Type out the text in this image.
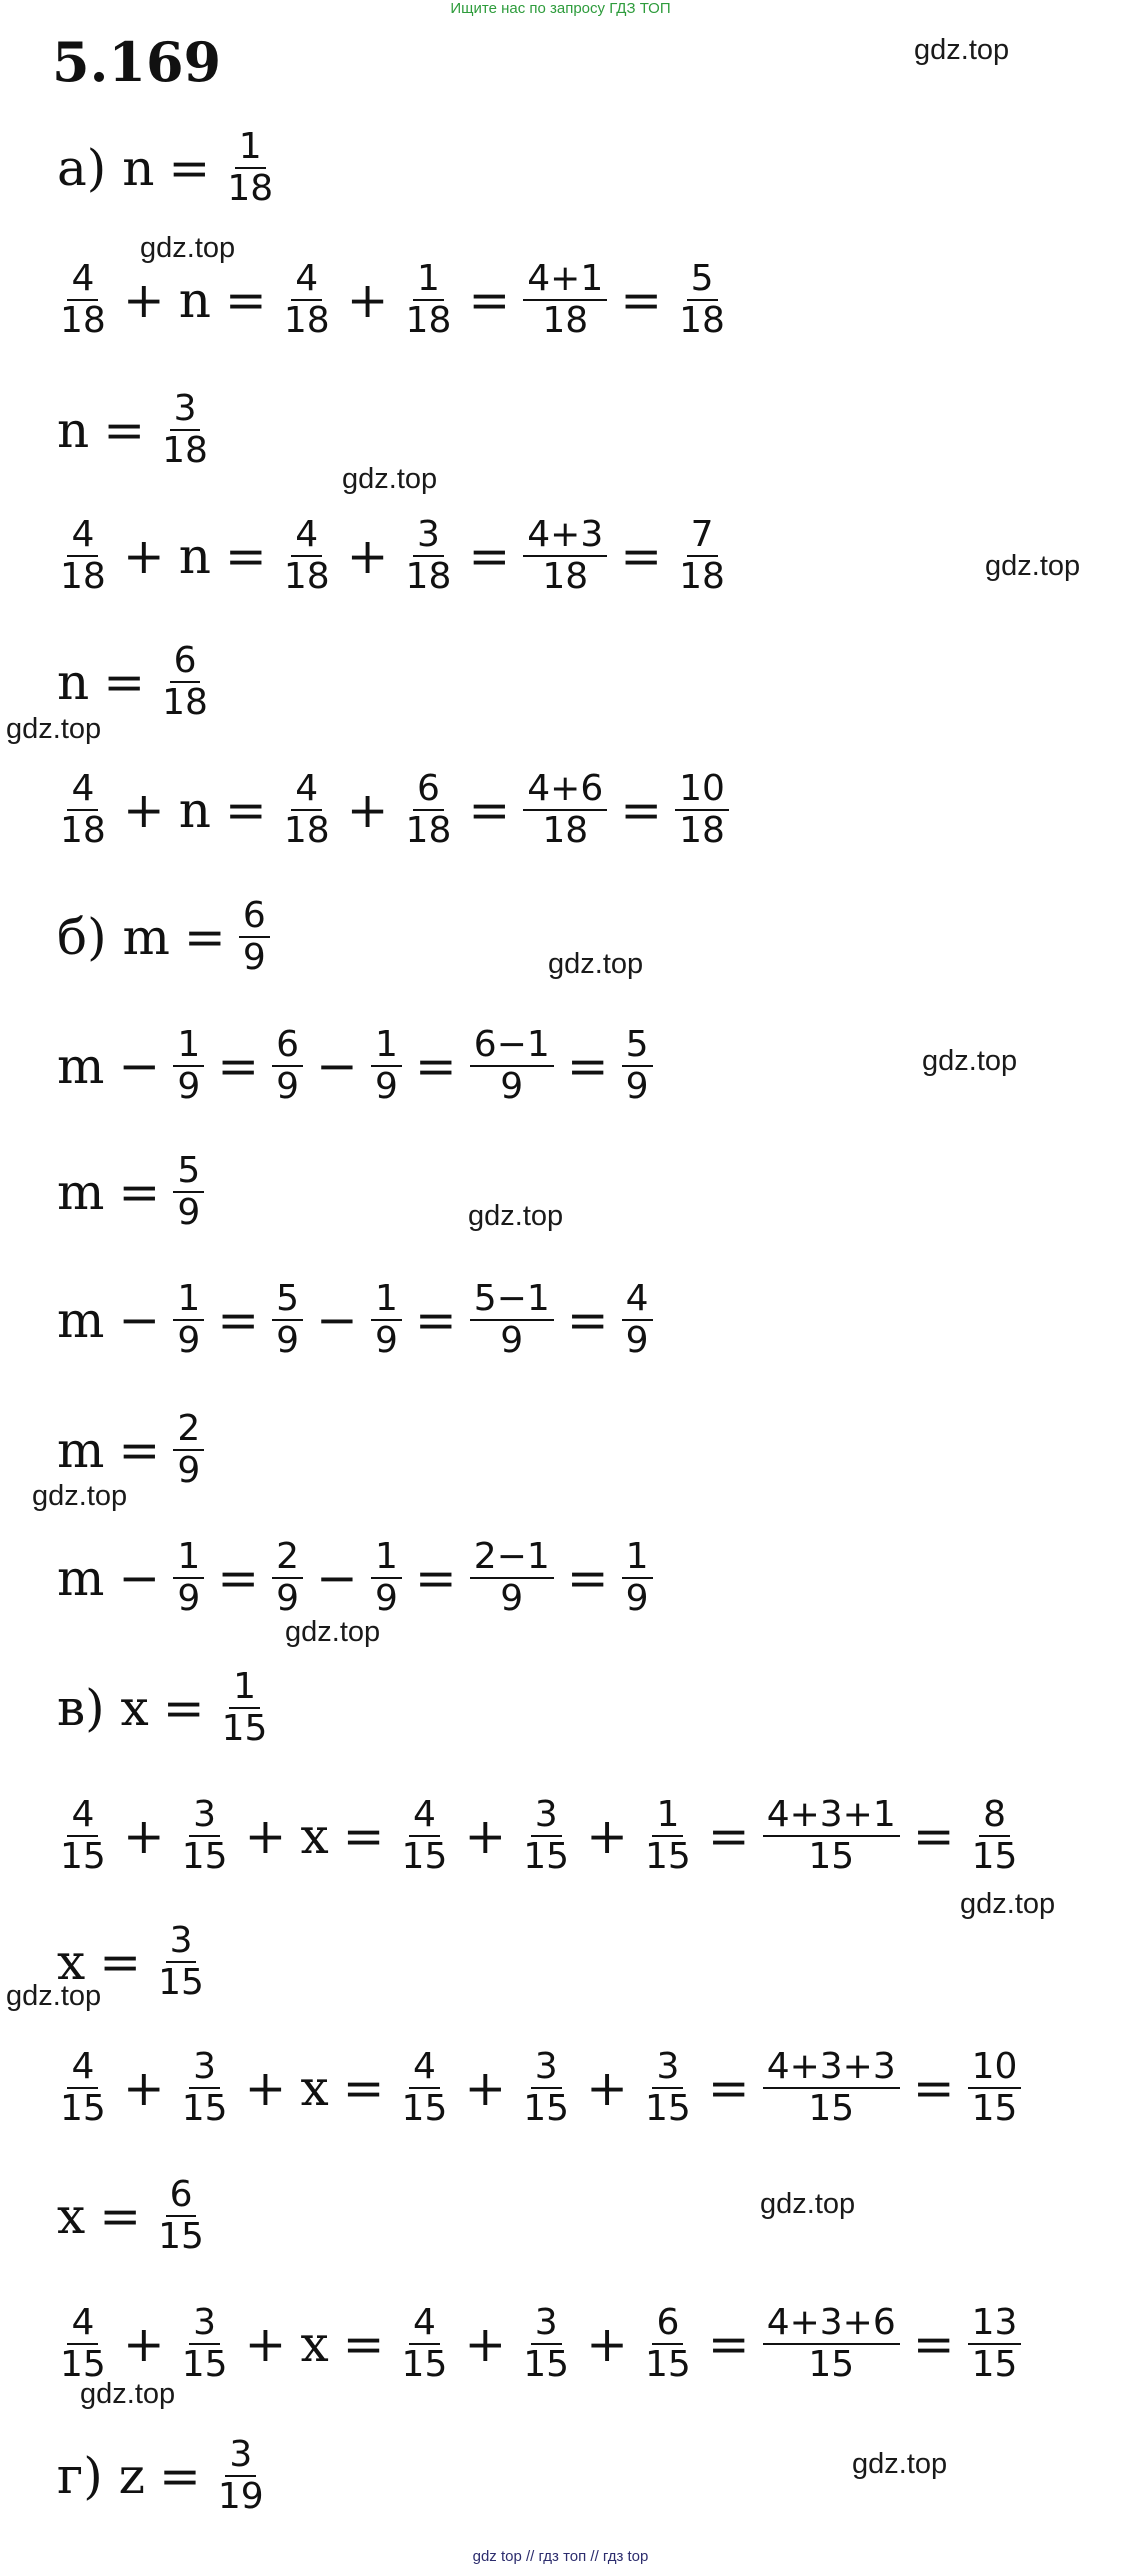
Ищите нас по запросу ГДЗ ТОП
5.169
a) $n = \frac{1}{18}$
$\frac{4}{18} + n = \frac{4}{18} + \frac{1}{18} = \frac{4+1}{18} = \frac{5}{18}$
$n = \frac{3}{18}$
$\frac{4}{18} + n = \frac{4}{18} + \frac{3}{18} = \frac{4+3}{18} = \frac{7}{18}$
$n = \frac{6}{18}$
$\frac{4}{18} + n = \frac{4}{18} + \frac{6}{18} = \frac{4+6}{18} = \frac{10}{18}$
б) $m = \frac{6}{9}$
$m - \frac{1}{9} = \frac{6}{9} - \frac{1}{9} = \frac{6-1}{9} = \frac{5}{9}$
$m = \frac{5}{9}$
$m - \frac{1}{9} = \frac{5}{9} - \frac{1}{9} = \frac{5-1}{9} = \frac{4}{9}$
$m = \frac{2}{9}$
$m - \frac{1}{9} = \frac{2}{9} - \frac{1}{9} = \frac{2-1}{9} = \frac{1}{9}$
в) $x = \frac{1}{15}$
$\frac{4}{15} + \frac{3}{15} + x = \frac{4}{15} + \frac{3}{15} + \frac{1}{15} = \frac{4+3+1}{15} = \frac{8}{15}$
$x = \frac{3}{15}$
$\frac{4}{15} + \frac{3}{15} + x = \frac{4}{15} + \frac{3}{15} + \frac{3}{15} = \frac{4+3+3}{15} = \frac{10}{15}$
$x = \frac{6}{15}$
$\frac{4}{15} + \frac{3}{15} + x = \frac{4}{15} + \frac{3}{15} + \frac{6}{15} = \frac{4+3+6}{15} = \frac{13}{15}$
г) $z = \frac{3}{19}$
gdz.top
gdz.top
gdz.top
gdz.top
gdz.top
gdz.top
gdz.top
gdz.top
gdz.top
gdz.top
gdz.top
gdz.top
gdz.top
gdz.top
gdz.top
gdz top // гдз топ // гдз top
